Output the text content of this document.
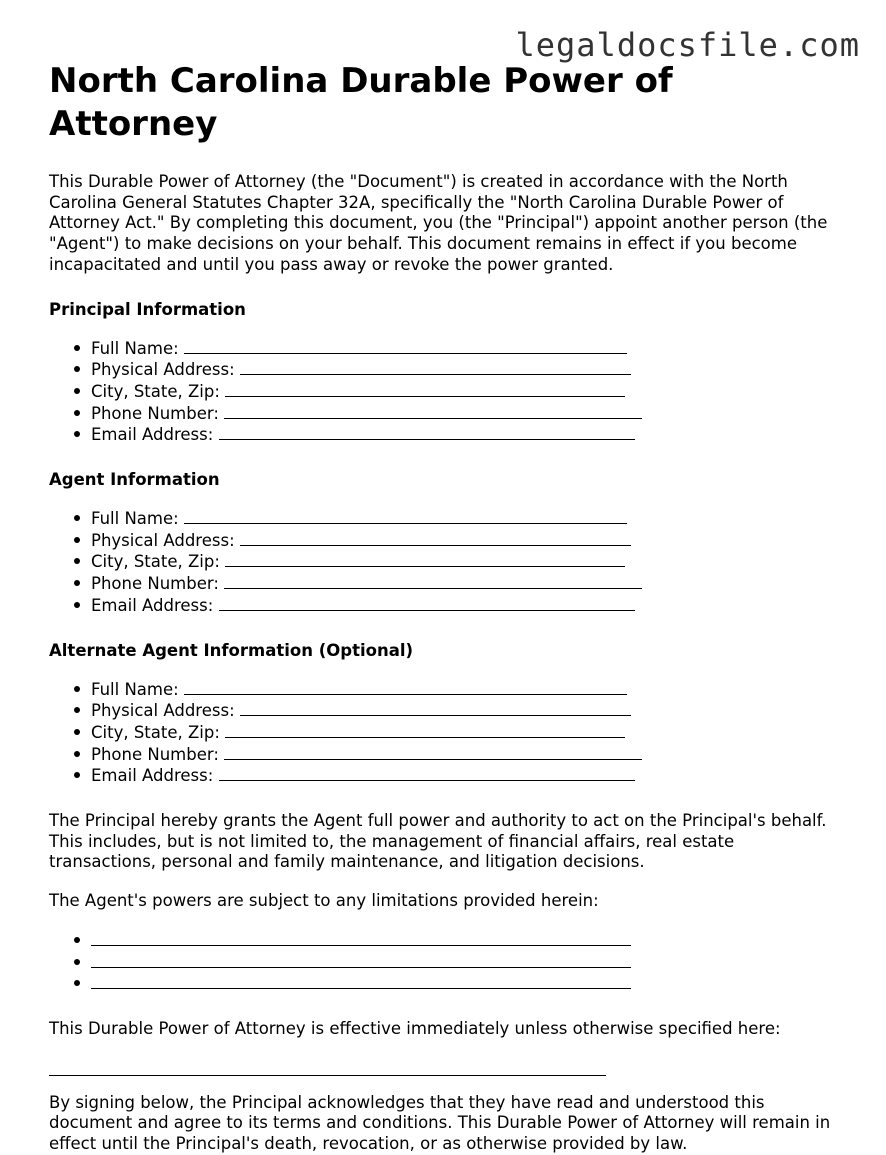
legaldocsfile.com
North Carolina Durable Power of Attorney

This Durable Power of Attorney (the "Document") is created in accordance with the North Carolina General Statutes Chapter 32A, specifically the "North Carolina Durable Power of Attorney Act." By completing this document, you (the "Principal") appoint another person (the "Agent") to make decisions on your behalf. This document remains in effect if you become incapacitated and until you pass away or revoke the power granted.

Principal Information
Full Name:
Physical Address:
City, State, Zip:
Phone Number:
Email Address:
Agent Information
Full Name:
Physical Address:
City, State, Zip:
Phone Number:
Email Address:
Alternate Agent Information (Optional)
Full Name:
Physical Address:
City, State, Zip:
Phone Number:
Email Address:

The Principal hereby grants the Agent full power and authority to act on the Principal's behalf. This includes, but is not limited to, the management of financial affairs, real estate transactions, personal and family maintenance, and litigation decisions.

The Agent's powers are subject to any limitations provided herein:

This Durable Power of Attorney is effective immediately unless otherwise specified here:

By signing below, the Principal acknowledges that they have read and understood this document and agree to its terms and conditions. This Durable Power of Attorney will remain in effect until the Principal's death, revocation, or as otherwise provided by law.
